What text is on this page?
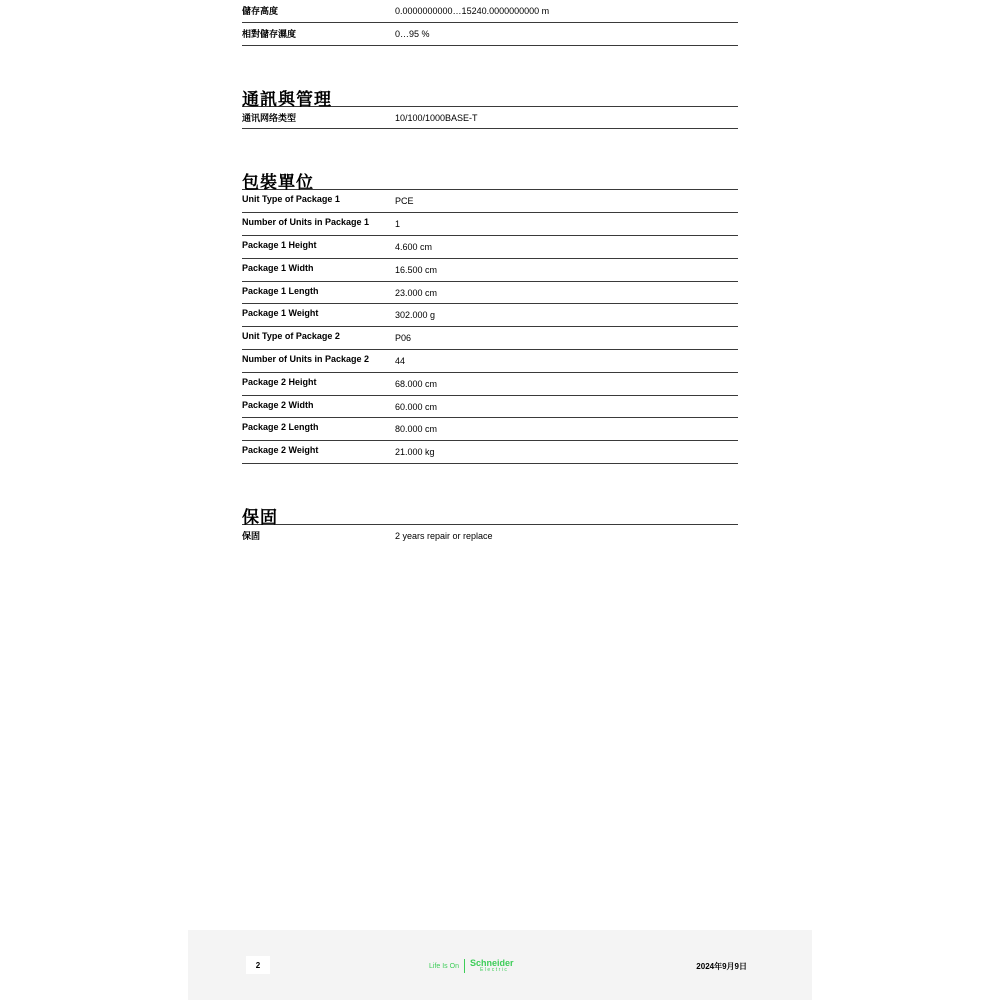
儲存高度	0.0000000000…15240.0000000000 m
相對儲存濕度	0…95 %
通訊與管理
通讯网络类型	10/100/1000BASE-T
包裝單位
Unit Type of Package 1	PCE
Number of Units in Package 1	1
Package 1 Height	4.600 cm
Package 1 Width	16.500 cm
Package 1 Length	23.000 cm
Package 1 Weight	302.000 g
Unit Type of Package 2	P06
Number of Units in Package 2	44
Package 2 Height	68.000 cm
Package 2 Width	60.000 cm
Package 2 Length	80.000 cm
Package 2 Weight	21.000 kg
保固
保固	2 years repair or replace
2	Life Is On Schneider
Electric	2024年9月9日
